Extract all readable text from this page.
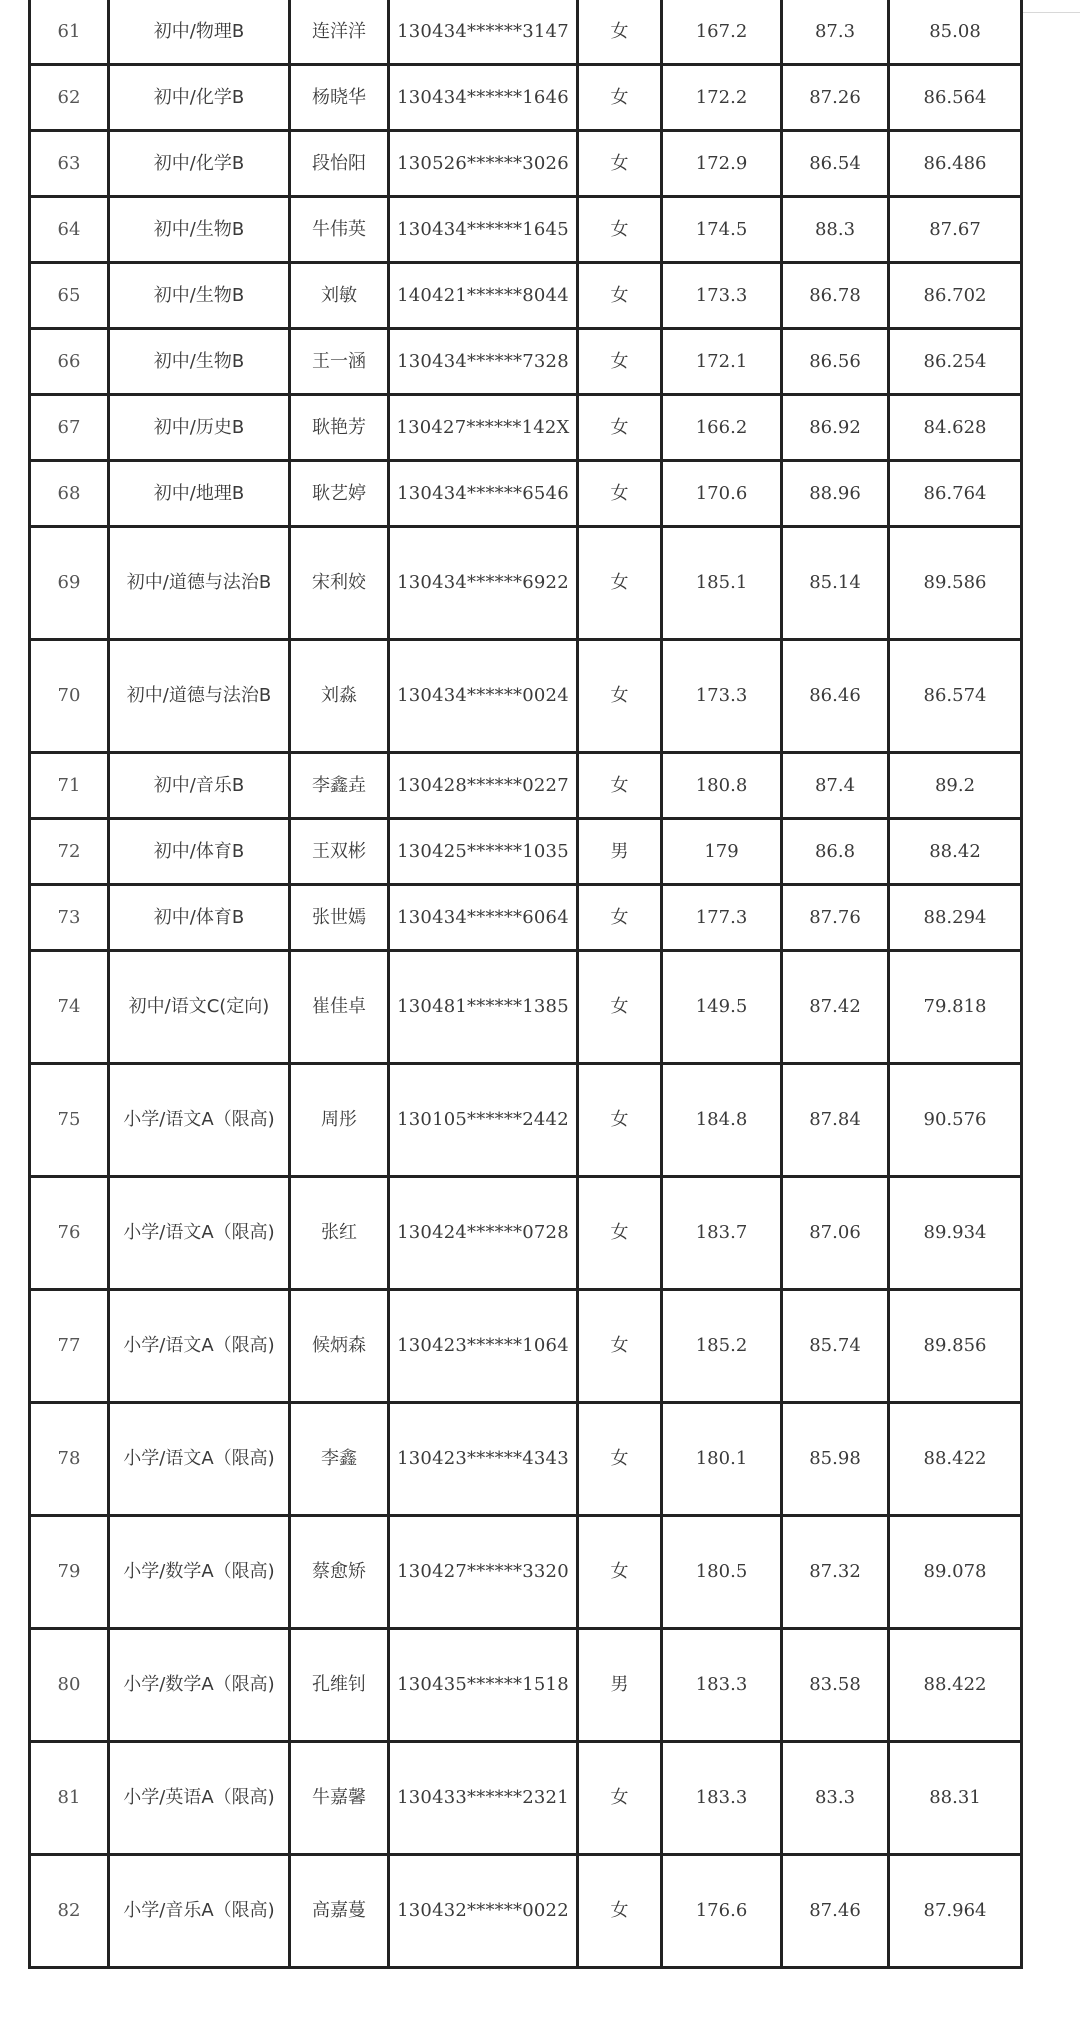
61	初中/物理B	连洋洋	130434******3147	女	167.2	87.3	85.08
62	初中/化学B	杨晓华	130434******1646	女	172.2	87.26	86.564
63	初中/化学B	段怡阳	130526******3026	女	172.9	86.54	86.486
64	初中/生物B	牛伟英	130434******1645	女	174.5	88.3	87.67
65	初中/生物B	刘敏	140421******8044	女	173.3	86.78	86.702
66	初中/生物B	王一涵	130434******7328	女	172.1	86.56	86.254
67	初中/历史B	耿艳芳	130427******142X	女	166.2	86.92	84.628
68	初中/地理B	耿艺婷	130434******6546	女	170.6	88.96	86.764
69	初中/道德与法治B	宋利姣	130434******6922	女	185.1	85.14	89.586
70	初中/道德与法治B	刘淼	130434******0024	女	173.3	86.46	86.574
71	初中/音乐B	李鑫垚	130428******0227	女	180.8	87.4	89.2
72	初中/体育B	王双彬	130425******1035	男	179	86.8	88.42
73	初中/体育B	张世嫣	130434******6064	女	177.3	87.76	88.294
74	初中/语文C(定向)	崔佳卓	130481******1385	女	149.5	87.42	79.818
75	小学/语文A（限高)	周彤	130105******2442	女	184.8	87.84	90.576
76	小学/语文A（限高)	张红	130424******0728	女	183.7	87.06	89.934
77	小学/语文A（限高)	候炳森	130423******1064	女	185.2	85.74	89.856
78	小学/语文A（限高)	李鑫	130423******4343	女	180.1	85.98	88.422
79	小学/数学A（限高)	蔡愈矫	130427******3320	女	180.5	87.32	89.078
80	小学/数学A（限高)	孔维钊	130435******1518	男	183.3	83.58	88.422
81	小学/英语A（限高)	牛嘉馨	130433******2321	女	183.3	83.3	88.31
82	小学/音乐A（限高)	高嘉蔓	130432******0022	女	176.6	87.46	87.964
